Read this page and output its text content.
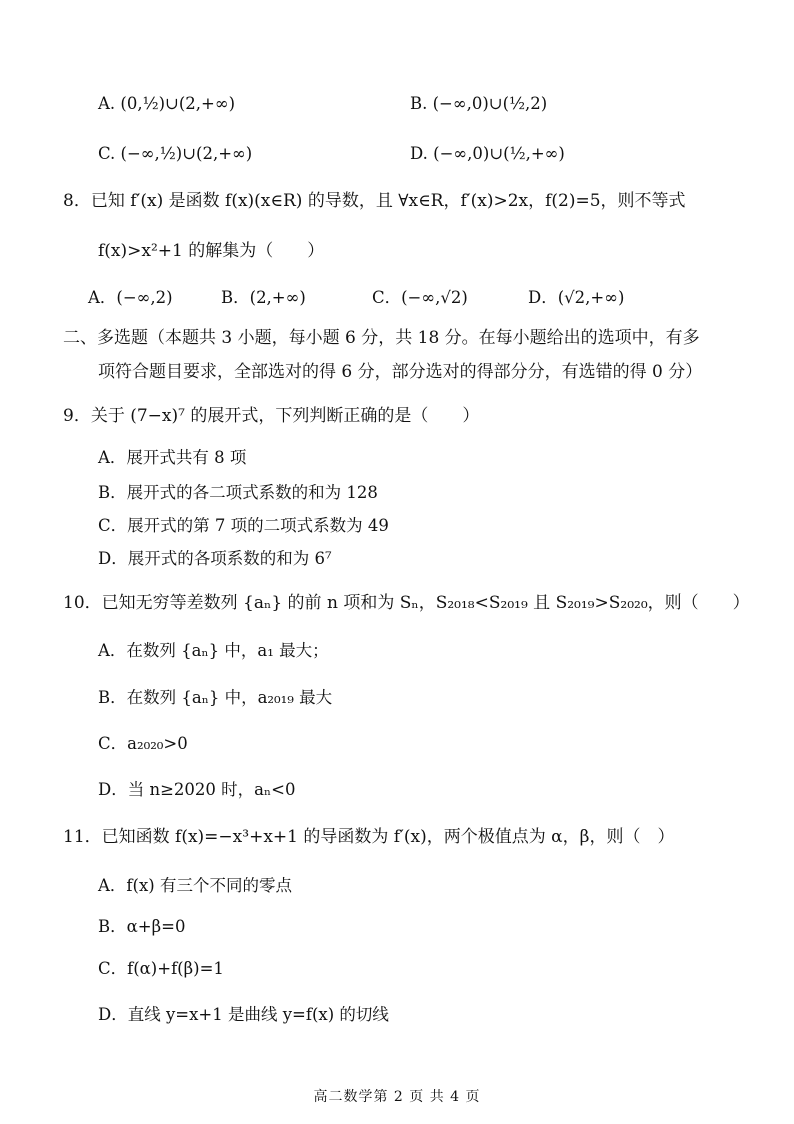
A. (0,½)∪(2,+∞)	B. (−∞,0)∪(½,2)
C. (−∞,½)∪(2,+∞)	D. (−∞,0)∪(½,+∞)
8．已知 f′(x) 是函数 f(x)(x∈R) 的导数，且 ∀x∈R，f′(x)>2x，f(2)=5，则不等式
f(x)>x²+1 的解集为（　　）
A．(−∞,2)	B．(2,+∞)	C．(−∞,√2)	D．(√2,+∞)
二、多选题（本题共 3 小题，每小题 6 分，共 18 分。在每小题给出的选项中，有多
项符合题目要求，全部选对的得 6 分，部分选对的得部分分，有选错的得 0 分）
9．关于 (7−x)⁷ 的展开式，下列判断正确的是（　　）
A．展开式共有 8 项
B．展开式的各二项式系数的和为 128
C．展开式的第 7 项的二项式系数为 49
D．展开式的各项系数的和为 6⁷
10．已知无穷等差数列 {aₙ} 的前 n 项和为 Sₙ，S₂₀₁₈<S₂₀₁₉ 且 S₂₀₁₉>S₂₀₂₀，则（　　）
A．在数列 {aₙ} 中，a₁ 最大；
B．在数列 {aₙ} 中，a₂₀₁₉ 最大
C．a₂₀₂₀>0
D．当 n≥2020 时，aₙ<0
11．已知函数 f(x)=−x³+x+1 的导函数为 f′(x)，两个极值点为 α，β，则（　）
A．f(x) 有三个不同的零点
B．α+β=0
C．f(α)+f(β)=1
D．直线 y=x+1 是曲线 y=f(x) 的切线
高二数学第 2 页 共 4 页
